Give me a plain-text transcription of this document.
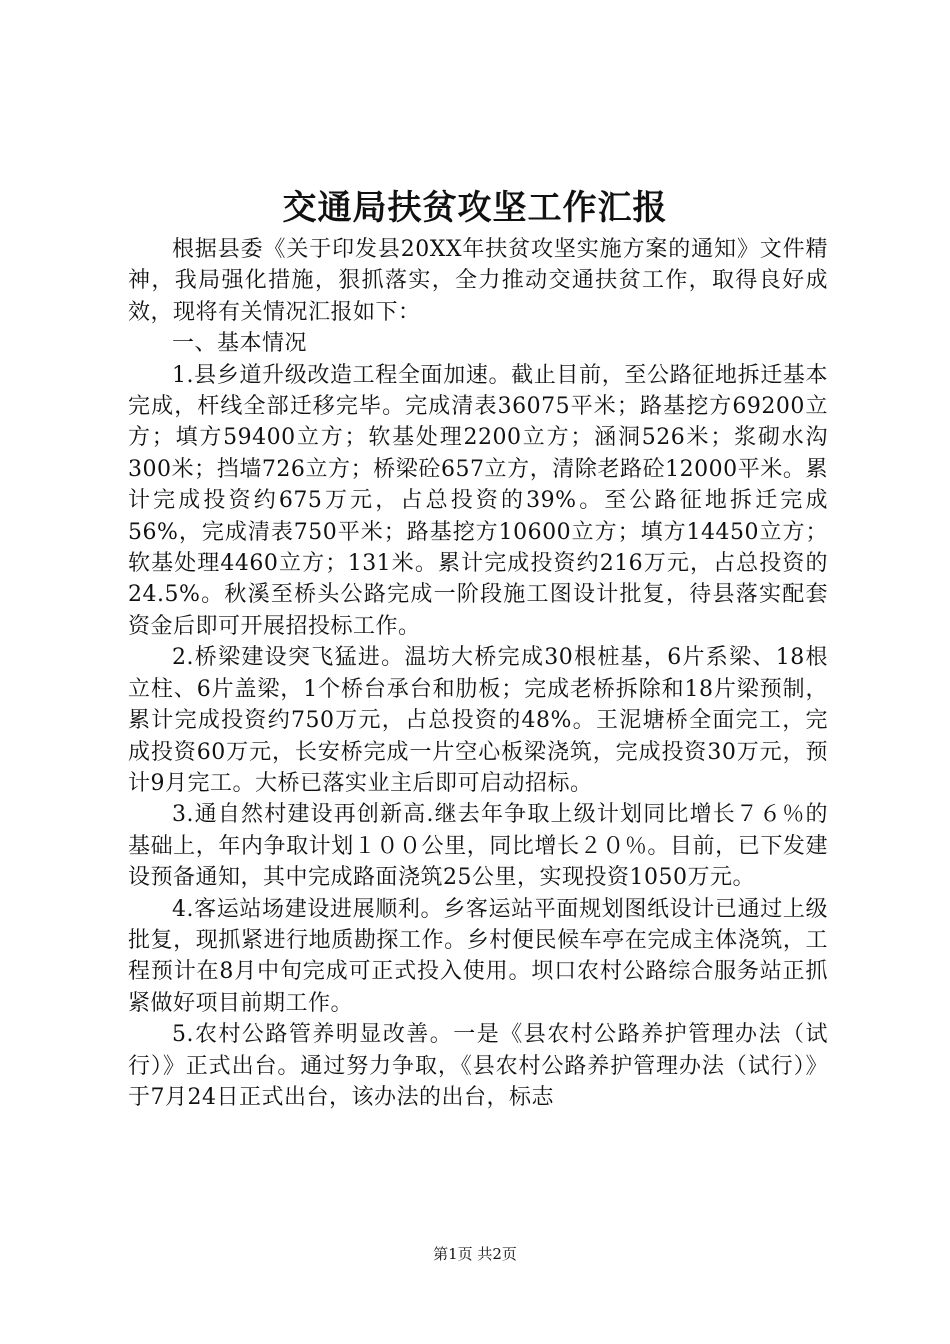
交通局扶贫攻坚工作汇报

根据县委《关于印发县20XX年扶贫攻坚实施方案的通知》文件精神，我局强化措施，狠抓落实，全力推动交通扶贫工作，取得良好成效，现将有关情况汇报如下：

一、基本情况

1.县乡道升级改造工程全面加速。截止目前，至公路征地拆迁基本完成，杆线全部迁移完毕。完成清表36075平米；路基挖方69200立方；填方59400立方；软基处理2200立方；涵洞526米；浆砌水沟300米；挡墙726立方；桥梁砼657立方，清除老路砼12000平米。累计完成投资约675万元，占总投资的39%。至公路征地拆迁完成56%，完成清表750平米；路基挖方10600立方；填方14450立方；软基处理4460立方；131米。累计完成投资约216万元，占总投资的24.5%。秋溪至桥头公路完成一阶段施工图设计批复，待县落实配套资金后即可开展招投标工作。

2.桥梁建设突飞猛进。温坊大桥完成30根桩基，6片系梁、18根立柱、6片盖梁，1个桥台承台和肋板；完成老桥拆除和18片梁预制，累计完成投资约750万元，占总投资的48%。王泥塘桥全面完工，完成投资60万元，长安桥完成一片空心板梁浇筑，完成投资30万元，预计9月完工。大桥已落实业主后即可启动招标。

3.通自然村建设再创新高.继去年争取上级计划同比增长７６％的基础上，年内争取计划１００公里，同比增长２０％。目前，已下发建设预备通知，其中完成路面浇筑25公里，实现投资1050万元。

4.客运站场建设进展顺利。乡客运站平面规划图纸设计已通过上级批复，现抓紧进行地质勘探工作。乡村便民候车亭在完成主体浇筑，工程预计在8月中旬完成可正式投入使用。坝口农村公路综合服务站正抓紧做好项目前期工作。

5.农村公路管养明显改善。一是《县农村公路养护管理办法（试行）》正式出台。通过努力争取，《县农村公路养护管理办法（试行）》于7月24日正式出台，该办法的出台，标志

第1页 共2页
